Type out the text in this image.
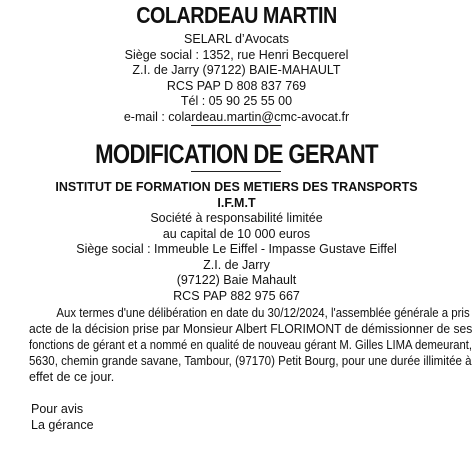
COLARDEAU MARTIN
SELARL d’Avocats
Siège social : 1352, rue Henri Becquerel
Z.I. de Jarry (97122) BAIE-MAHAULT
RCS PAP D 808 837 769
Tél : 05 90 25 55 00
e-mail : colardeau.martin@cmc-avocat.fr
MODIFICATION DE GERANT
INSTITUT DE FORMATION DES METIERS DES TRANSPORTS
I.F.M.T
Société à responsabilité limitée
au capital de 10 000 euros
Siège social : Immeuble Le Eiffel - Impasse Gustave Eiffel
Z.I. de Jarry
(97122) Baie Mahault
RCS PAP 882 975 667
Aux termes d'une délibération en date du 30/12/2024, l'assemblée générale a pris
acte de la décision prise par Monsieur Albert FLORIMONT de démissionner de ses
fonctions de gérant et a nommé en qualité de nouveau gérant M. Gilles LIMA demeurant,
5630, chemin grande savane, Tambour, (97170) Petit Bourg, pour une durée illimitée à
effet de ce jour.
Pour avis
La gérance
